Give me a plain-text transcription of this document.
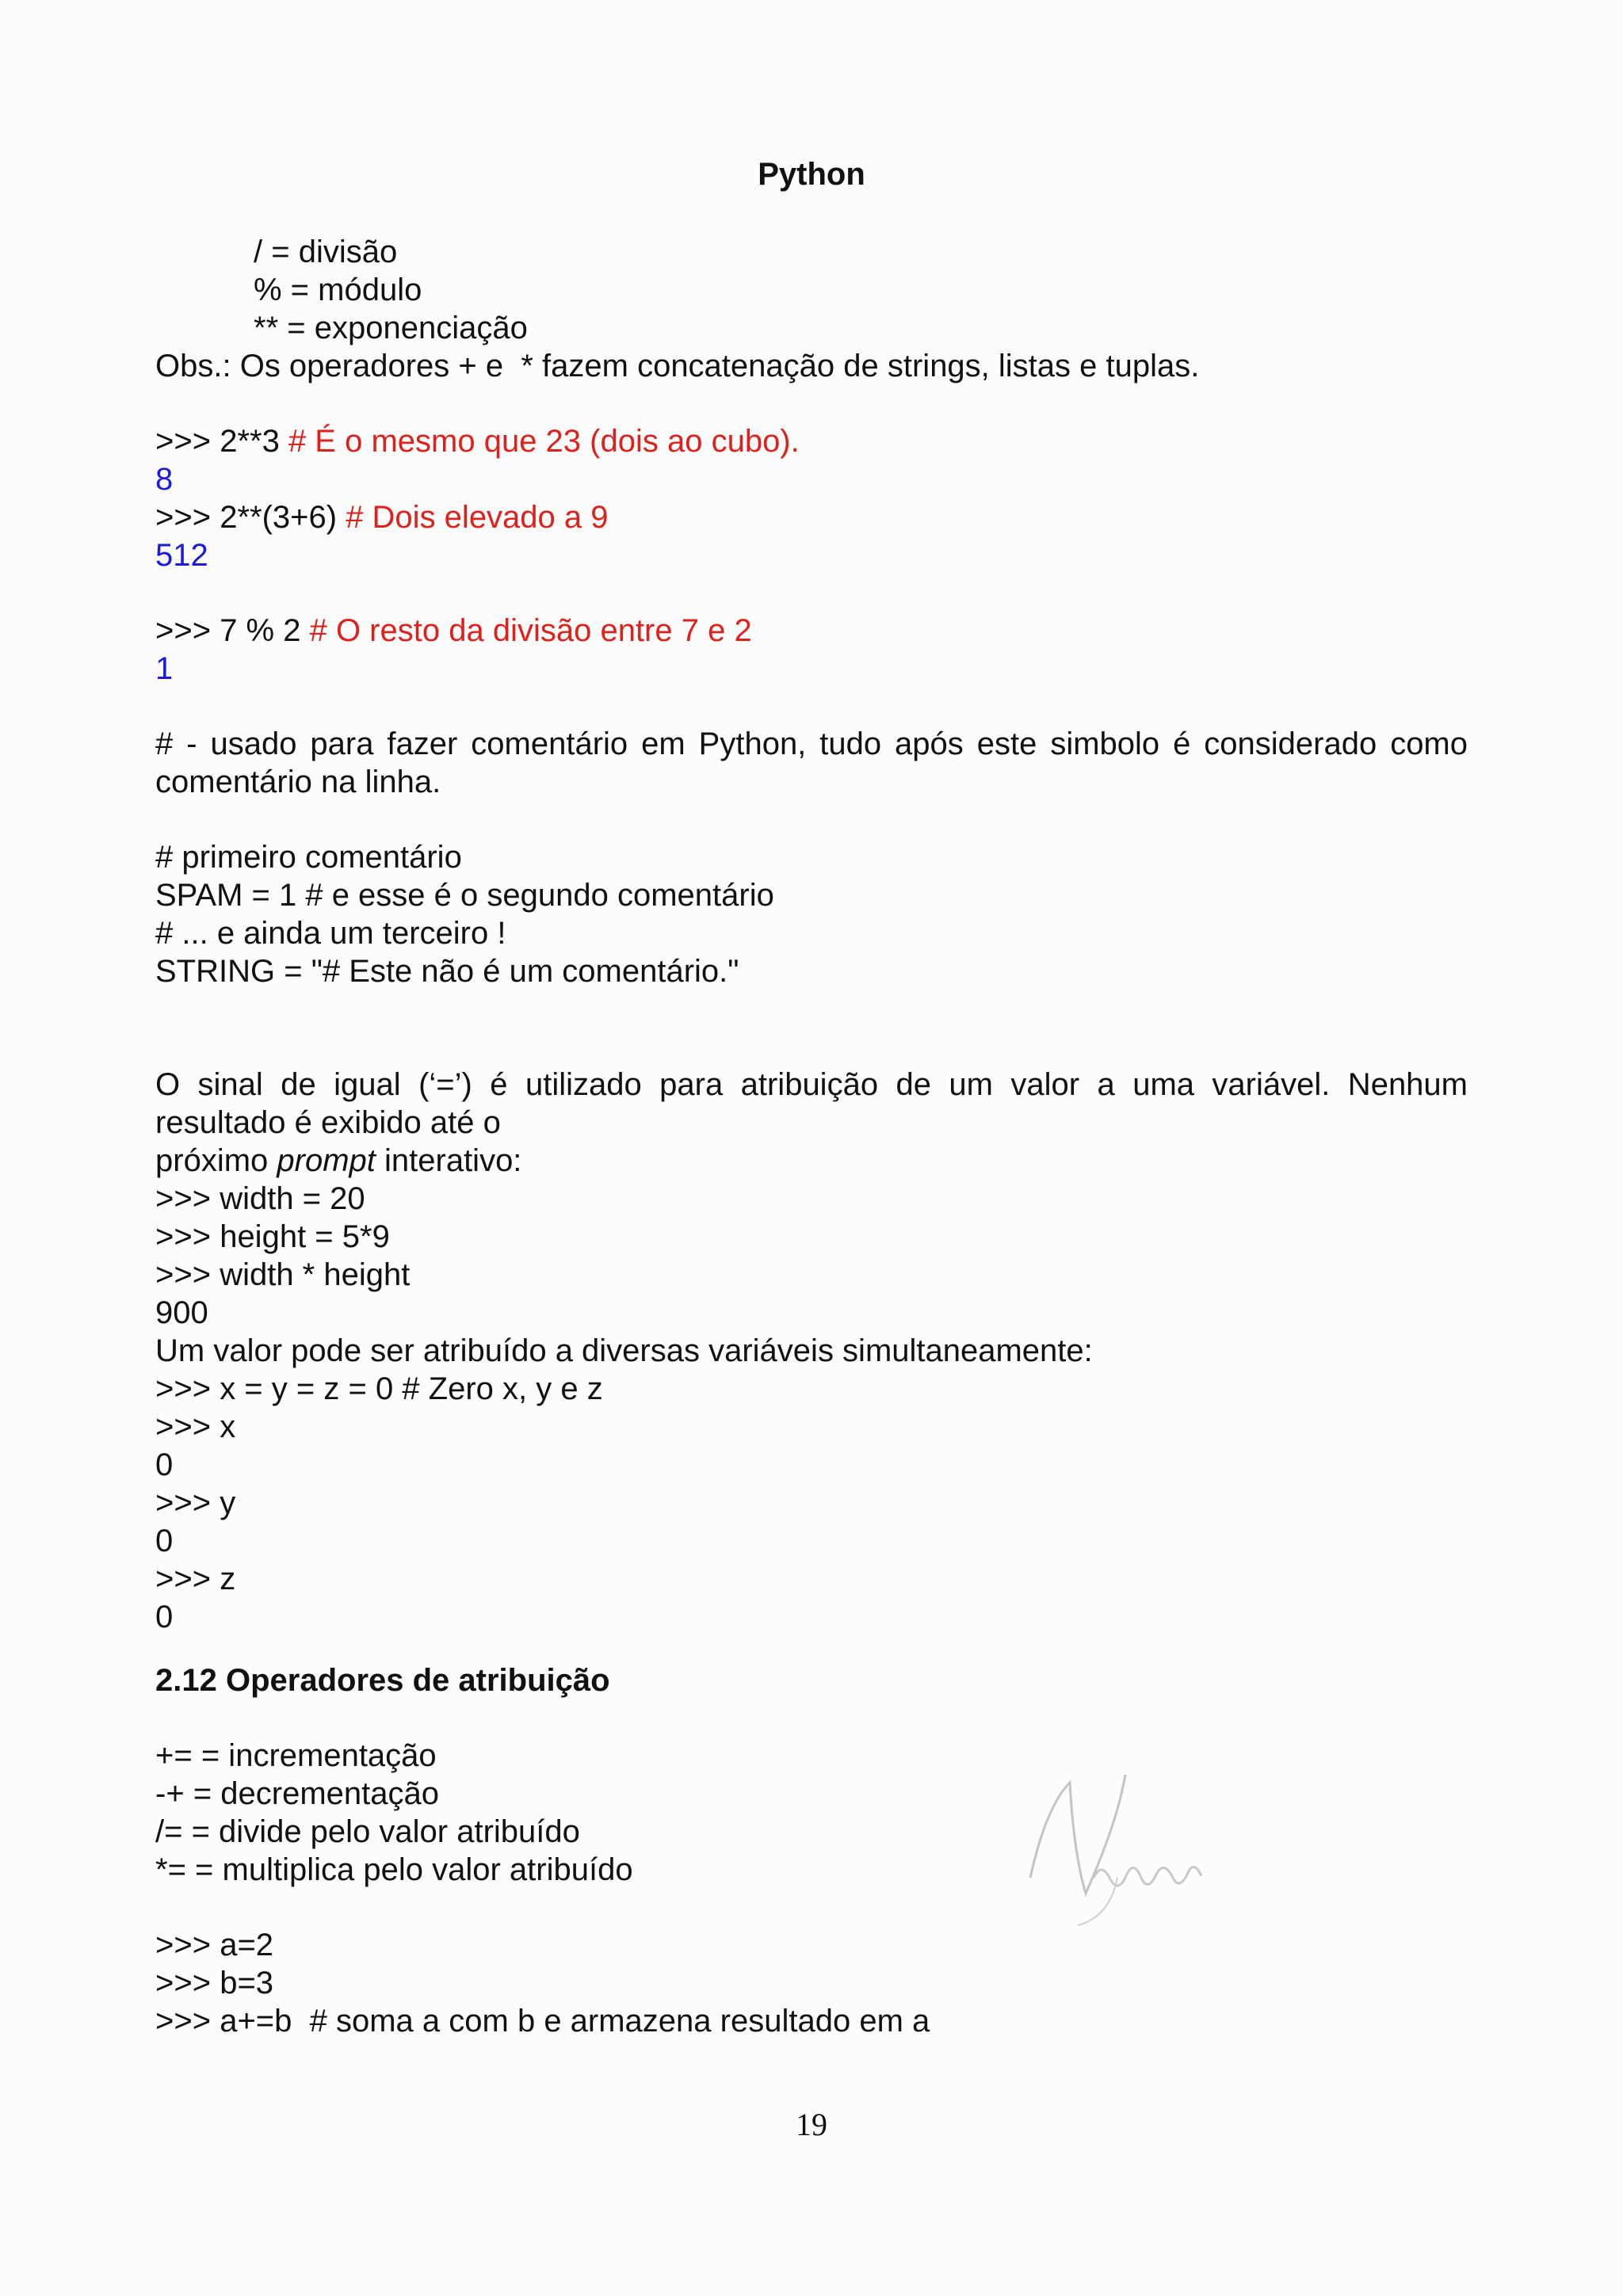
Python

/ = divisão

% = módulo

** = exponenciação

Obs.: Os operadores + e  * fazem concatenação de strings, listas e tuplas.

>>> 2**3 # É o mesmo que 23 (dois ao cubo).

8

>>> 2**(3+6) # Dois elevado a 9

512

>>> 7 % 2 # O resto da divisão entre 7 e 2

1

# - usado para fazer comentário em Python, tudo após este simbolo é considerado como

comentário na linha.

# primeiro comentário

SPAM = 1 # e esse é o segundo comentário

# ... e ainda um terceiro !

STRING = "# Este não é um comentário."

O sinal de igual (‘=’) é utilizado para atribuição de um valor a uma variável. Nenhum

resultado é exibido até o

próximo prompt interativo:

>>> width = 20

>>> height = 5*9

>>> width * height

900

Um valor pode ser atribuído a diversas variáveis simultaneamente:

>>> x = y = z = 0 # Zero x, y e z

>>> x

0

>>> y

0

>>> z

0

2.12 Operadores de atribuição

+= = incrementação

-+ = decrementação

/= = divide pelo valor atribuído

*= = multiplica pelo valor atribuído

>>> a=2

>>> b=3

>>> a+=b  # soma a com b e armazena resultado em a

19
